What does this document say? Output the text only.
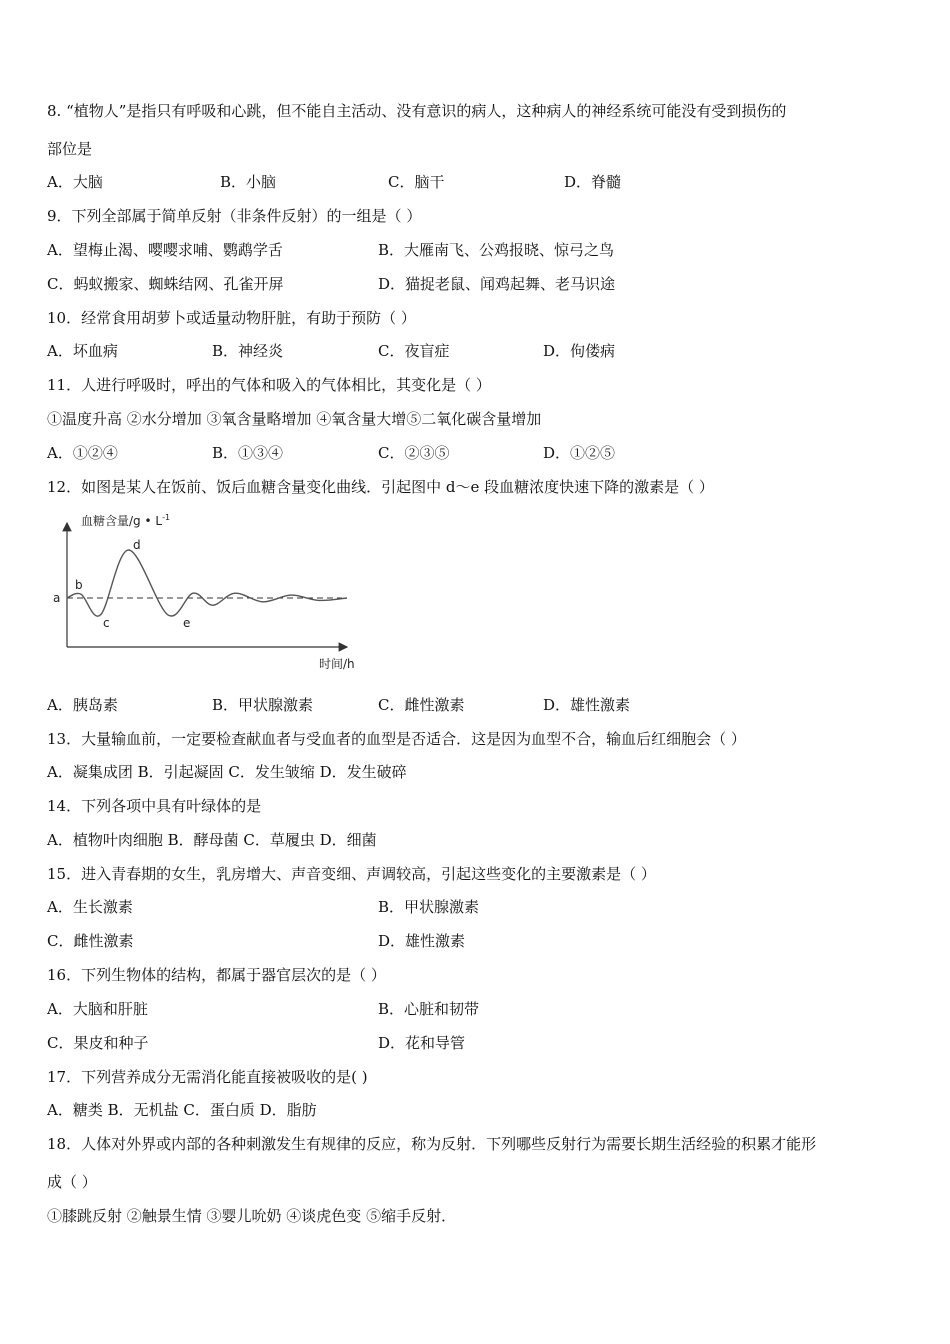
8. “植物人”是指只有呼吸和心跳，但不能自主活动、没有意识的病人，这种病人的神经系统可能没有受到损伤的
部位是
A．大脑	B．小脑	C．脑干	D．脊髓
9．下列全部属于简单反射（非条件反射）的一组是（ ）
A．望梅止渴、嘤嘤求哺、鹦鹉学舌	B．大雁南飞、公鸡报晓、惊弓之鸟
C．蚂蚁搬家、蜘蛛结网、孔雀开屏	D．猫捉老鼠、闻鸡起舞、老马识途
10．经常食用胡萝卜或适量动物肝脏，有助于预防（ ）
A．坏血病	B．神经炎	C．夜盲症	D．佝偻病
11．人进行呼吸时，呼出的气体和吸入的气体相比，其变化是（ ）
①温度升高 ②水分增加 ③氧含量略增加 ④氧含量大增⑤二氧化碳含量增加
A．①②④	B．①③④	C．②③⑤	D．①②⑤
12．如图是某人在饭前、饭后血糖含量变化曲线．引起图中 d～e 段血糖浓度快速下降的激素是（ ）
血糖含量/g • $L^{-1}$
时间/h
a
b
c
d
e
A．胰岛素	B．甲状腺激素	C．雌性激素	D．雄性激素
13．大量输血前，一定要检查献血者与受血者的血型是否适合．这是因为血型不合，输血后红细胞会（ ）
A．凝集成团 B．引起凝固 C．发生皱缩 D．发生破碎
14．下列各项中具有叶绿体的是
A．植物叶肉细胞 B．酵母菌 C．草履虫 D．细菌
15．进入青春期的女生，乳房增大、声音变细、声调较高，引起这些变化的主要激素是（ ）
A．生长激素	B．甲状腺激素
C．雌性激素	D．雄性激素
16．下列生物体的结构，都属于器官层次的是（ ）
A．大脑和肝脏	B．心脏和韧带
C．果皮和种子	D．花和导管
17．下列营养成分无需消化能直接被吸收的是( )
A．糖类 B．无机盐 C．蛋白质 D．脂肪
18．人体对外界或内部的各种刺激发生有规律的反应，称为反射．下列哪些反射行为需要长期生活经验的积累才能形
成（ ）
①膝跳反射 ②触景生情 ③婴儿吮奶 ④谈虎色变 ⑤缩手反射．
